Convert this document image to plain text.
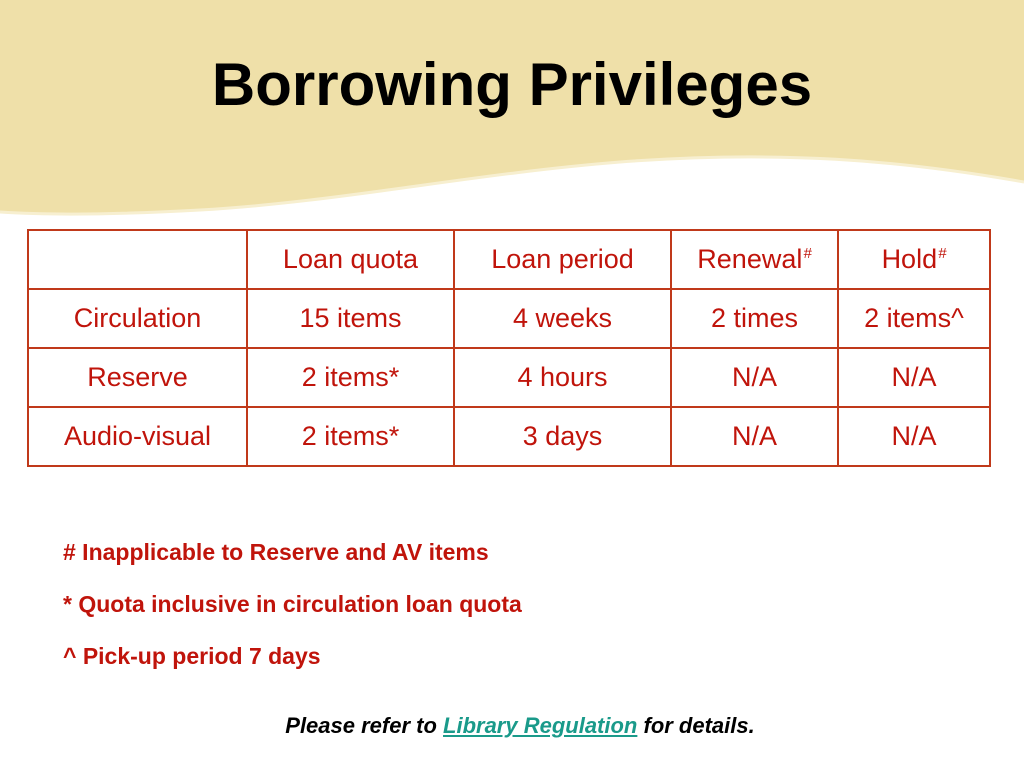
Borrowing Privileges
	Loan quota	Loan period	Renewal#	Hold#
Circulation	15 items	4 weeks	2 times	2 items^
Reserve	2 items*	4 hours	N/A	N/A
Audio-visual	2 items*	3 days	N/A	N/A
# Inapplicable to Reserve and AV items
* Quota inclusive in circulation loan quota
^ Pick-up period 7 days
Please refer to Library Regulation for details.
